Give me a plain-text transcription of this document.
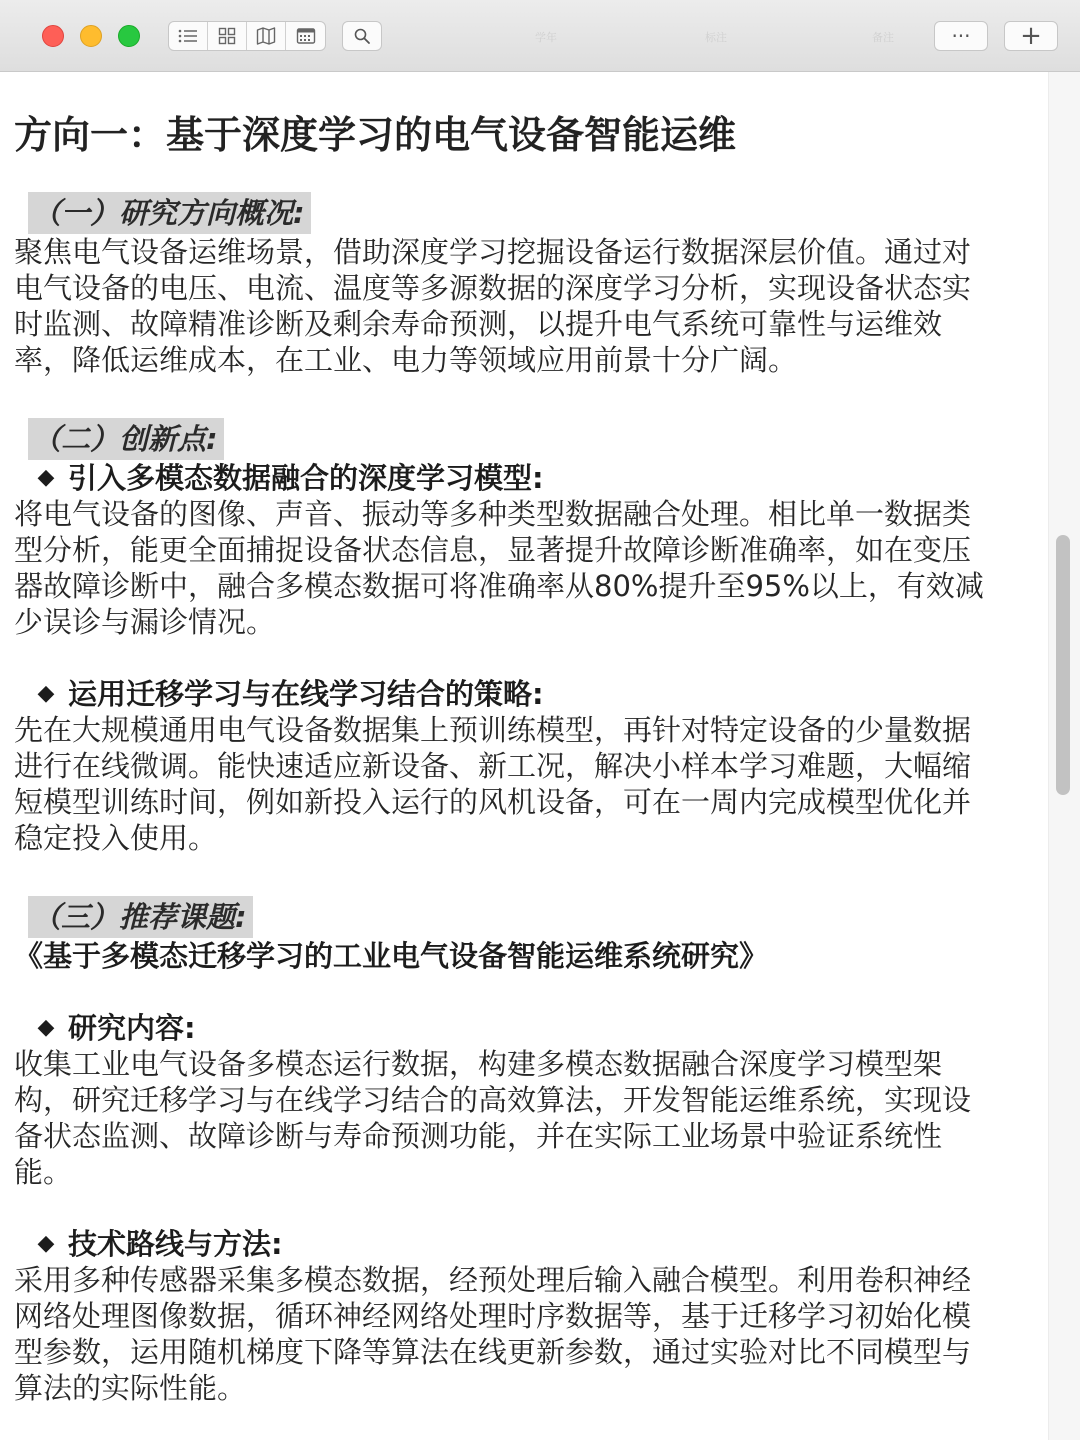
学年	标注	备注	··· +
方向一：基于深度学习的电气设备智能运维
（一）研究方向概况:
聚焦电气设备运维场景，借助深度学习挖掘设备运行数据深层价值。通过对
电气设备的电压、电流、温度等多源数据的深度学习分析，实现设备状态实
时监测、故障精准诊断及剩余寿命预测，以提升电气系统可靠性与运维效
率，降低运维成本，在工业、电力等领域应用前景十分广阔。
（二）创新点:
◆ 引入多模态数据融合的深度学习模型:
将电气设备的图像、声音、振动等多种类型数据融合处理。相比单一数据类
型分析，能更全面捕捉设备状态信息，显著提升故障诊断准确率，如在变压
器故障诊断中，融合多模态数据可将准确率从80%提升至95%以上，有效减
少误诊与漏诊情况。
◆ 运用迁移学习与在线学习结合的策略:
先在大规模通用电气设备数据集上预训练模型，再针对特定设备的少量数据
进行在线微调。能快速适应新设备、新工况，解决小样本学习难题，大幅缩
短模型训练时间，例如新投入运行的风机设备，可在一周内完成模型优化并
稳定投入使用。
（三）推荐课题:
《基于多模态迁移学习的工业电气设备智能运维系统研究》
◆ 研究内容:
收集工业电气设备多模态运行数据，构建多模态数据融合深度学习模型架
构，研究迁移学习与在线学习结合的高效算法，开发智能运维系统，实现设
备状态监测、故障诊断与寿命预测功能，并在实际工业场景中验证系统性
能。
◆ 技术路线与方法:
采用多种传感器采集多模态数据，经预处理后输入融合模型。利用卷积神经
网络处理图像数据，循环神经网络处理时序数据等，基于迁移学习初始化模
型参数，运用随机梯度下降等算法在线更新参数，通过实验对比不同模型与
算法的实际性能。
